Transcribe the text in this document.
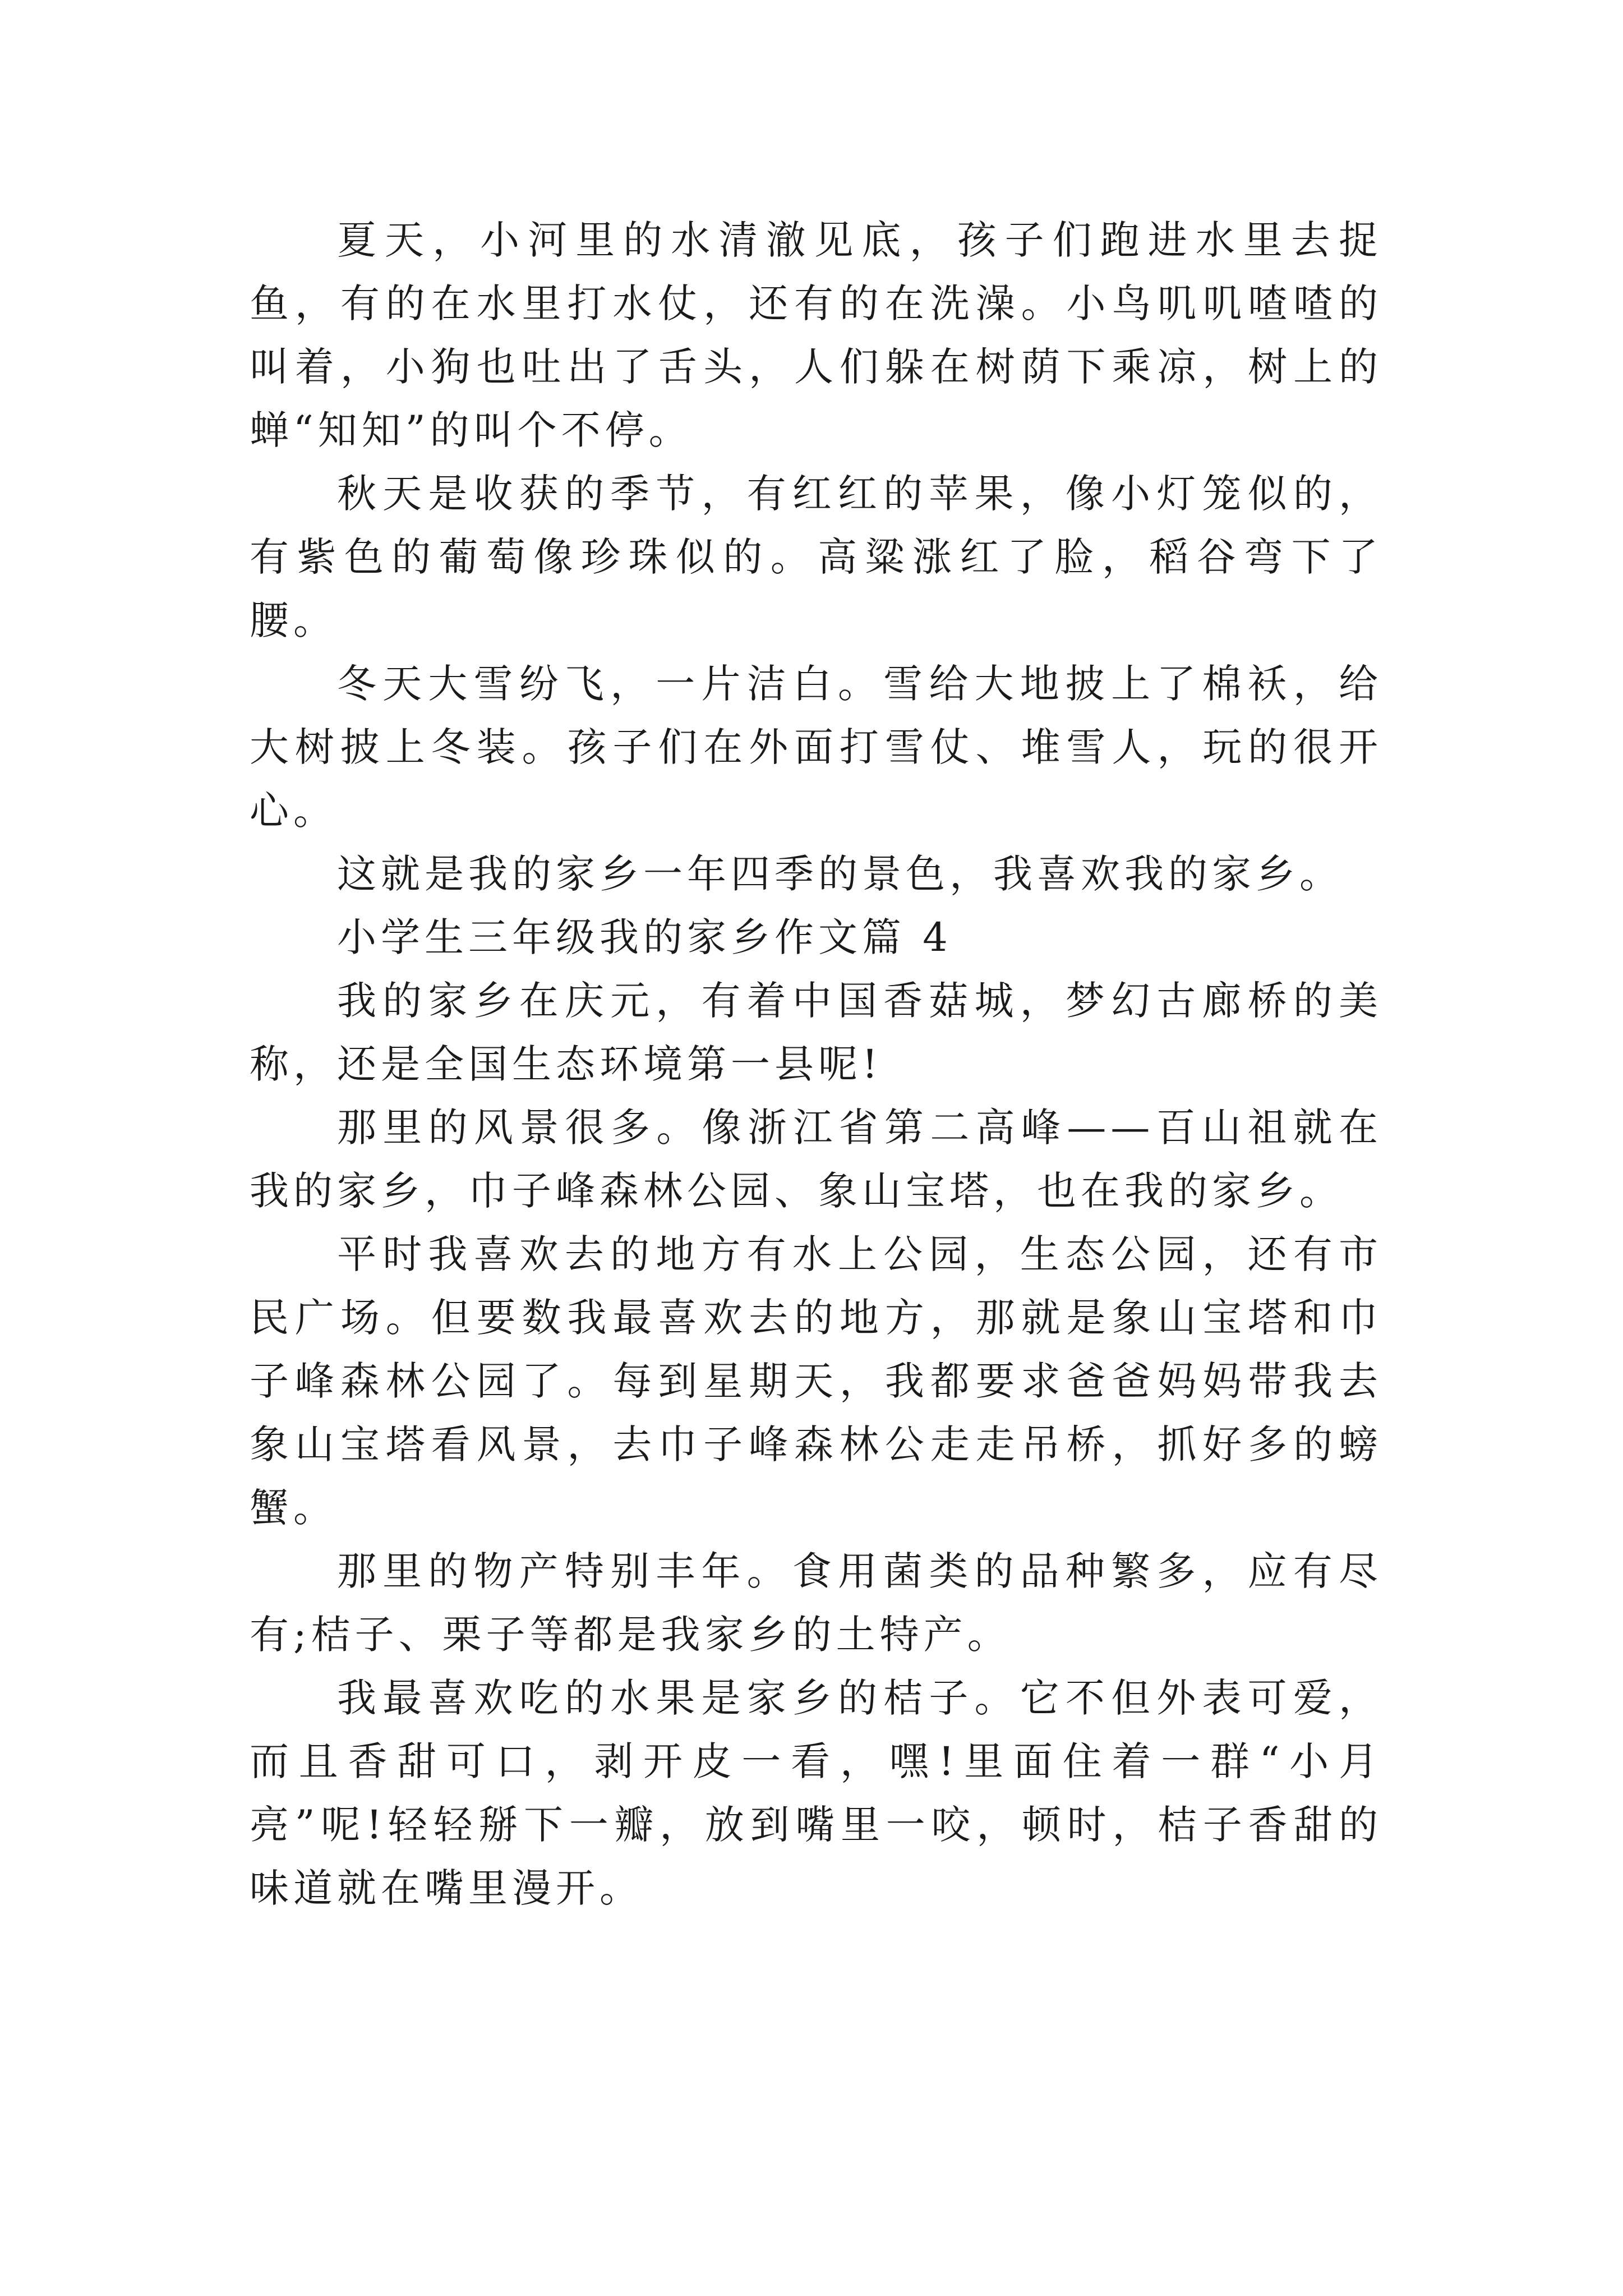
夏天，小河里的水清澈见底，孩子们跑进水里去捉鱼，有的在水里打水仗，还有的在洗澡。小鸟叽叽喳喳的叫着，小狗也吐出了舌头，人们躲在树荫下乘凉，树上的蝉“知知”的叫个不停。

秋天是收获的季节，有红红的苹果，像小灯笼似的，有紫色的葡萄像珍珠似的。高粱涨红了脸，稻谷弯下了腰。

冬天大雪纷飞，一片洁白。雪给大地披上了棉袄，给大树披上冬装。孩子们在外面打雪仗、堆雪人，玩的很开心。

这就是我的家乡一年四季的景色，我喜欢我的家乡。

小学生三年级我的家乡作文篇 4

我的家乡在庆元，有着中国香菇城，梦幻古廊桥的美称，还是全国生态环境第一县呢!

那里的风景很多。像浙江省第二高峰——百山祖就在我的家乡，巾子峰森林公园、象山宝塔，也在我的家乡。

平时我喜欢去的地方有水上公园，生态公园，还有市民广场。但要数我最喜欢去的地方，那就是象山宝塔和巾子峰森林公园了。每到星期天，我都要求爸爸妈妈带我去象山宝塔看风景，去巾子峰森林公走走吊桥，抓好多的螃蟹。

那里的物产特别丰年。食用菌类的品种繁多，应有尽有;桔子、栗子等都是我家乡的土特产。

我最喜欢吃的水果是家乡的桔子。它不但外表可爱，而且香甜可口，剥开皮一看，嘿!里面住着一群“小月亮”呢!轻轻掰下一瓣，放到嘴里一咬，顿时，桔子香甜的味道就在嘴里漫开。
